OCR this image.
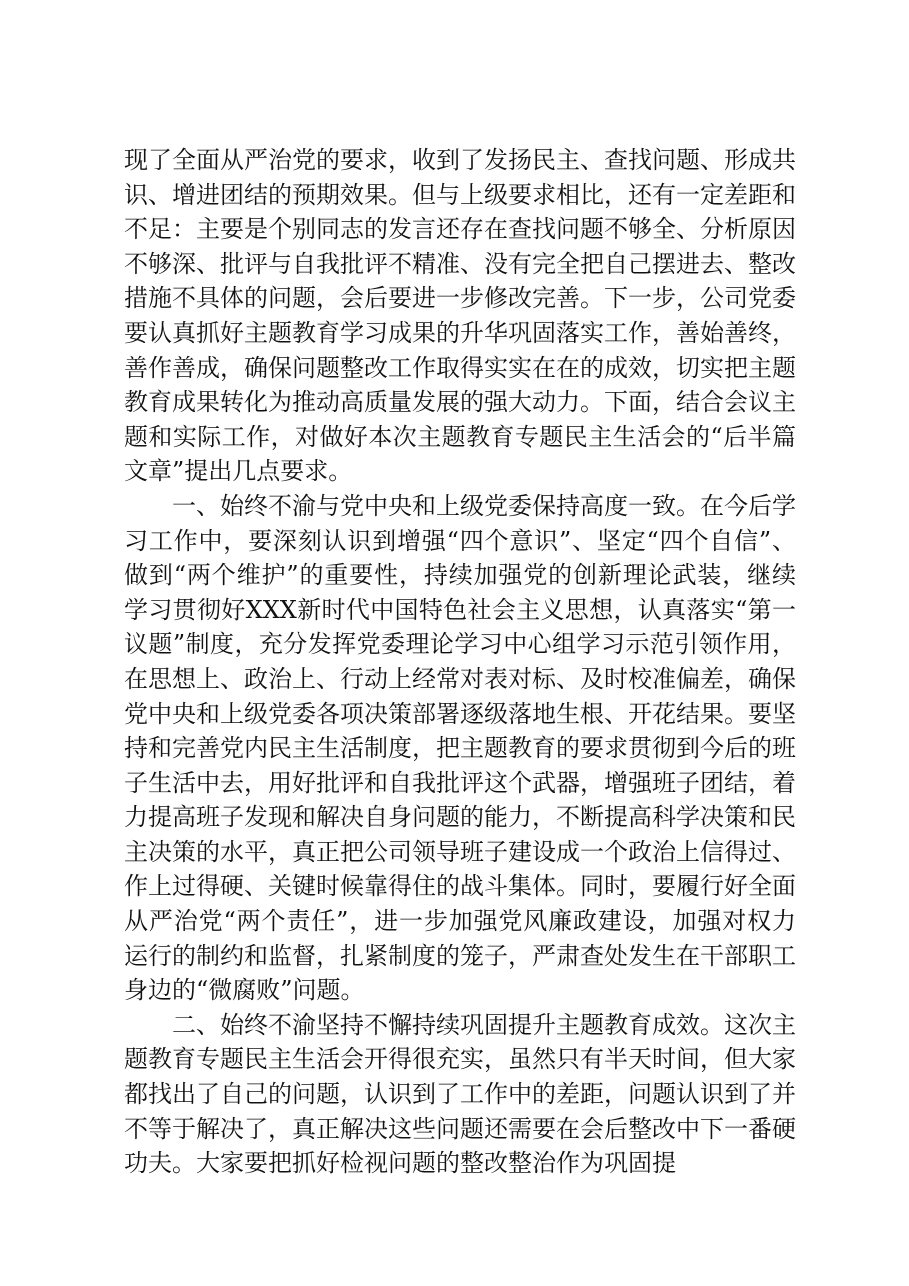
现了全面从严治党的要求，收到了发扬民主、查找问题、形成共识、增进团结的预期效果。但与上级要求相比，还有一定差距和不足：主要是个别同志的发言还存在查找问题不够全、分析原因不够深、批评与自我批评不精准、没有完全把自己摆进去、整改措施不具体的问题，会后要进一步修改完善。下一步，公司党委要认真抓好主题教育学习成果的升华巩固落实工作，善始善终，善作善成，确保问题整改工作取得实实在在的成效，切实把主题教育成果转化为推动高质量发展的强大动力。下面，结合会议主题和实际工作，对做好本次主题教育专题民主生活会的“后半篇文章”提出几点要求。

一、始终不渝与党中央和上级党委保持高度一致。在今后学习工作中，要深刻认识到增强“四个意识”、坚定“四个自信”、做到“两个维护”的重要性，持续加强党的创新理论武装，继续学习贯彻好XXX新时代中国特色社会主义思想，认真落实“第一议题”制度，充分发挥党委理论学习中心组学习示范引领作用，在思想上、政治上、行动上经常对表对标、及时校准偏差，确保党中央和上级党委各项决策部署逐级落地生根、开花结果。要坚持和完善党内民主生活制度，把主题教育的要求贯彻到今后的班子生活中去，用好批评和自我批评这个武器，增强班子团结，着力提高班子发现和解决自身问题的能力，不断提高科学决策和民主决策的水平，真正把公司领导班子建设成一个政治上信得过、作上过得硬、关键时候靠得住的战斗集体。同时，要履行好全面从严治党“两个责任”，进一步加强党风廉政建设，加强对权力运行的制约和监督，扎紧制度的笼子，严肃查处发生在干部职工身边的“微腐败”问题。

二、始终不渝坚持不懈持续巩固提升主题教育成效。这次主题教育专题民主生活会开得很充实，虽然只有半天时间，但大家都找出了自己的问题，认识到了工作中的差距，问题认识到了并不等于解决了，真正解决这些问题还需要在会后整改中下一番硬功夫。大家要把抓好检视问题的整改整治作为巩固提
